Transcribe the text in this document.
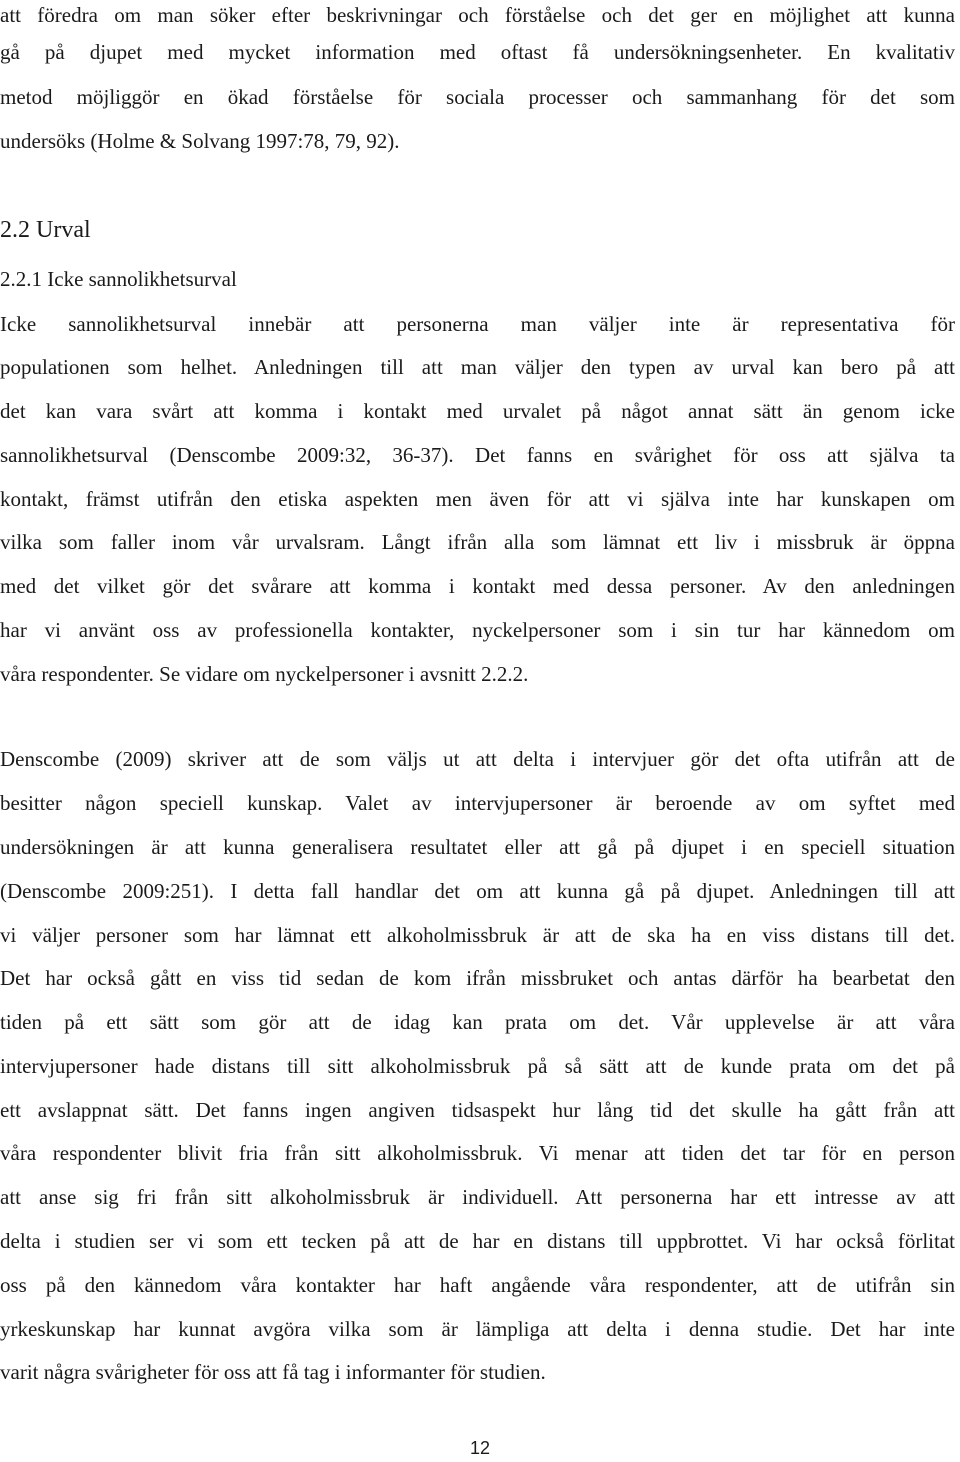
att föredra om man söker efter beskrivningar och förståelse och det ger en möjlighet att kunna
gå på djupet med mycket information med oftast få undersökningsenheter. En kvalitativ
metod möjliggör en ökad förståelse för sociala processer och sammanhang för det som
undersöks (Holme & Solvang 1997:78, 79, 92).
2.2 Urval
2.2.1 Icke sannolikhetsurval
Icke sannolikhetsurval innebär att personerna man väljer inte är representativa för
populationen som helhet. Anledningen till att man väljer den typen av urval kan bero på att
det kan vara svårt att komma i kontakt med urvalet på något annat sätt än genom icke
sannolikhetsurval (Denscombe 2009:32, 36-37). Det fanns en svårighet för oss att själva ta
kontakt, främst utifrån den etiska aspekten men även för att vi själva inte har kunskapen om
vilka som faller inom vår urvalsram. Långt ifrån alla som lämnat ett liv i missbruk är öppna
med det vilket gör det svårare att komma i kontakt med dessa personer. Av den anledningen
har vi använt oss av professionella kontakter, nyckelpersoner som i sin tur har kännedom om
våra respondenter. Se vidare om nyckelpersoner i avsnitt 2.2.2.
Denscombe (2009) skriver att de som väljs ut att delta i intervjuer gör det ofta utifrån att de
besitter någon speciell kunskap. Valet av intervjupersoner är beroende av om syftet med
undersökningen är att kunna generalisera resultatet eller att gå på djupet i en speciell situation
(Denscombe 2009:251). I detta fall handlar det om att kunna gå på djupet. Anledningen till att
vi väljer personer som har lämnat ett alkoholmissbruk är att de ska ha en viss distans till det.
Det har också gått en viss tid sedan de kom ifrån missbruket och antas därför ha bearbetat den
tiden på ett sätt som gör att de idag kan prata om det. Vår upplevelse är att våra
intervjupersoner hade distans till sitt alkoholmissbruk på så sätt att de kunde prata om det på
ett avslappnat sätt. Det fanns ingen angiven tidsaspekt hur lång tid det skulle ha gått från att
våra respondenter blivit fria från sitt alkoholmissbruk. Vi menar att tiden det tar för en person
att anse sig fri från sitt alkoholmissbruk är individuell. Att personerna har ett intresse av att
delta i studien ser vi som ett tecken på att de har en distans till uppbrottet. Vi har också förlitat
oss på den kännedom våra kontakter har haft angående våra respondenter, att de utifrån sin
yrkeskunskap har kunnat avgöra vilka som är lämpliga att delta i denna studie. Det har inte
varit några svårigheter för oss att få tag i informanter för studien.
12
